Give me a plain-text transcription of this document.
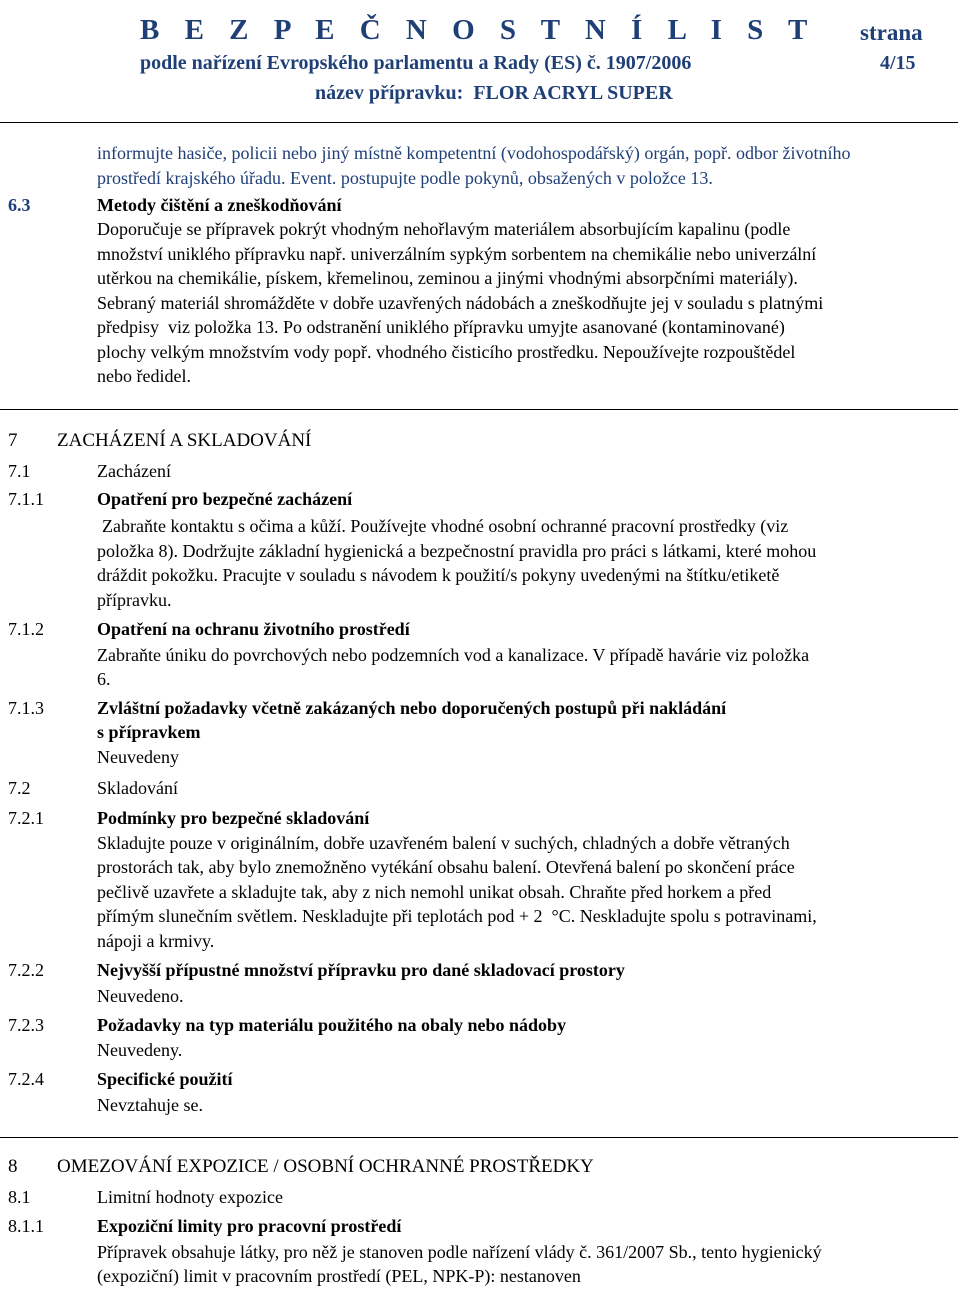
B E Z P E Č N O S T N Í L I S T strana
podle nařízení Evropského parlamentu a Rady (ES) č. 1907/2006	4/15
název přípravku:  FLOR ACRYL SUPER
informujte hasiče, policii nebo jiný místně kompetentní (vodohospodářský) orgán, popř. odbor životního prostředí krajského úřadu. Event. postupujte podle pokynů, obsažených v položce 13.
6.3	Metody čištění a zneškodňování
Doporučuje se přípravek pokrýt vhodným nehořlavým materiálem absorbujícím kapalinu (podle
množství uniklého přípravku např. univerzálním sypkým sorbentem na chemikálie nebo univerzální
utěrkou na chemikálie, pískem, křemelinou, zeminou a jinými vhodnými absorpčními materiály).
Sebraný materiál shromážděte v dobře uzavřených nádobách a zneškodňujte jej v souladu s platnými
předpisy  viz položka 13. Po odstranění uniklého přípravku umyjte asanované (kontaminované)
plochy velkým množstvím vody popř. vhodného čisticího prostředku. Nepoužívejte rozpouštědel
nebo ředidel.
7 ZACHÁZENÍ A SKLADOVÁNÍ
7.1	Zacházení
7.1.1	Opatření pro bezpečné zacházení
Zabraňte kontaktu s očima a kůží. Používejte vhodné osobní ochranné pracovní prostředky (viz
položka 8). Dodržujte základní hygienická a bezpečnostní pravidla pro práci s látkami, které mohou
dráždit pokožku. Pracujte v souladu s návodem k použití/s pokyny uvedenými na štítku/etiketě
přípravku.
7.1.2	Opatření na ochranu životního prostředí
Zabraňte úniku do povrchových nebo podzemních vod a kanalizace. V případě havárie viz položka
6.
7.1.3	Zvláštní požadavky včetně zakázaných nebo doporučených postupů při nakládání
s přípravkem
Neuvedeny
7.2	Skladování
7.2.1	Podmínky pro bezpečné skladování
Skladujte pouze v originálním, dobře uzavřeném balení v suchých, chladných a dobře větraných
prostorách tak, aby bylo znemožněno vytékání obsahu balení. Otevřená balení po skončení práce
pečlivě uzavřete a skladujte tak, aby z nich nemohl unikat obsah. Chraňte před horkem a před
přímým slunečním světlem. Neskladujte při teplotách pod + 2  °C. Neskladujte spolu s potravinami,
nápoji a krmivy.
7.2.2	Nejvyšší přípustné množství přípravku pro dané skladovací prostory
Neuvedeno.
7.2.3	Požadavky na typ materiálu použitého na obaly nebo nádoby
Neuvedeny.
7.2.4	Specifické použití
Nevztahuje se.
8 OMEZOVÁNÍ EXPOZICE / OSOBNÍ OCHRANNÉ PROSTŘEDKY
8.1	Limitní hodnoty expozice
8.1.1	Expoziční limity pro pracovní prostředí
Přípravek obsahuje látky, pro něž je stanoven podle nařízení vlády č. 361/2007 Sb., tento hygienický
(expoziční) limit v pracovním prostředí (PEL, NPK-P): nestanoven
